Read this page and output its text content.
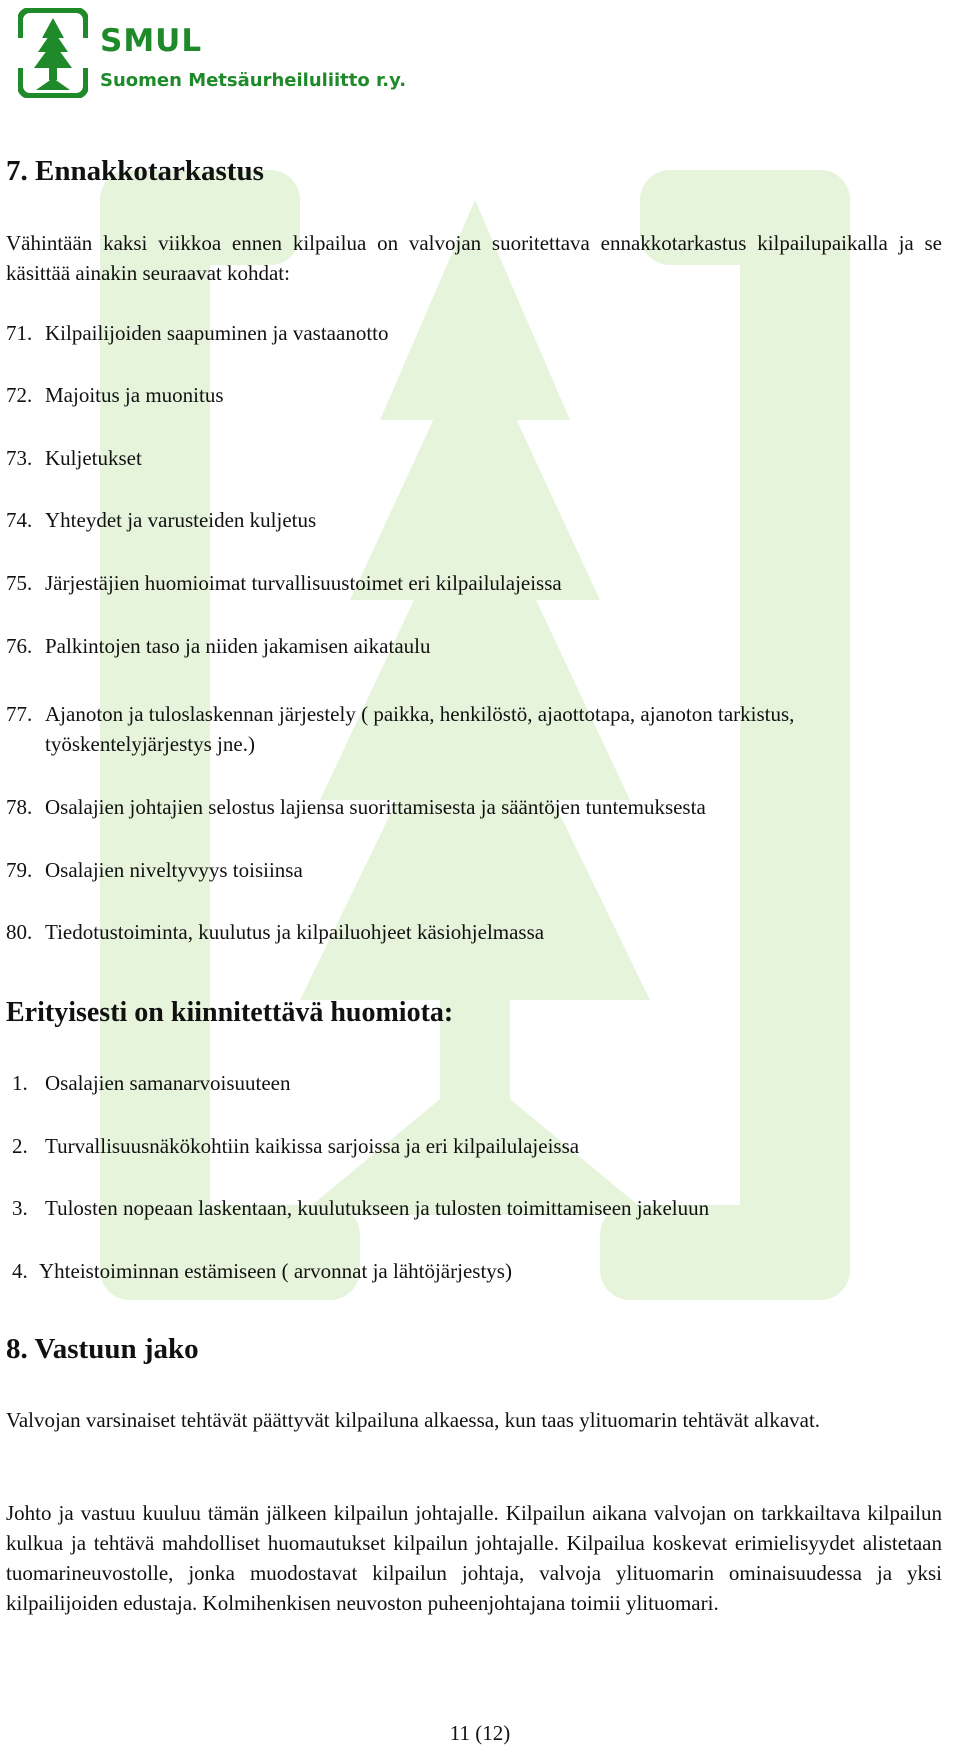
SMUL
Suomen Metsäurheiluliitto r.y.
7. Ennakkotarkastus

Vähintään kaksi viikkoa ennen kilpailua on valvojan suoritettava ennakkotarkastus kilpailupaikalla ja se käsittää ainakin seuraavat kohdat:

71. Kilpailijoiden saapuminen ja vastaanotto
72. Majoitus ja muonitus
73. Kuljetukset
74. Yhteydet ja varusteiden kuljetus
75. Järjestäjien huomioimat turvallisuustoimet eri kilpailulajeissa
76. Palkintojen taso ja niiden jakamisen aikataulu
77. Ajanoton ja tuloslaskennan järjestely ( paikka, henkilöstö, ajaottotapa, ajanoton tarkistus, työskentelyjärjestys jne.)
78. Osalajien johtajien selostus lajiensa suorittamisesta ja sääntöjen tuntemuksesta
79. Osalajien niveltyvyys toisiinsa
80. Tiedotustoiminta, kuulutus ja kilpailuohjeet käsiohjelmassa
Erityisesti on kiinnitettävä huomiota:
1. Osalajien samanarvoisuuteen
2. Turvallisuusnäkökohtiin kaikissa sarjoissa ja eri kilpailulajeissa
3. Tulosten nopeaan laskentaan, kuulutukseen ja tulosten toimittamiseen jakeluun
4. Yhteistoiminnan estämiseen ( arvonnat ja lähtöjärjestys)
8. Vastuun jako

Valvojan varsinaiset tehtävät päättyvät kilpailuna alkaessa, kun taas ylituomarin tehtävät alkavat.

Johto ja vastuu kuuluu tämän jälkeen kilpailun johtajalle. Kilpailun aikana valvojan on tarkkailtava kilpailun kulkua ja tehtävä mahdolliset huomautukset kilpailun johtajalle. Kilpailua koskevat erimielisyydet alistetaan tuomarineuvostolle, jonka muodostavat kilpailun johtaja, valvoja ylituomarin ominaisuudessa ja yksi kilpailijoiden edustaja. Kolmihenkisen neuvoston puheenjohtajana toimii ylituomari.

11 (12)
